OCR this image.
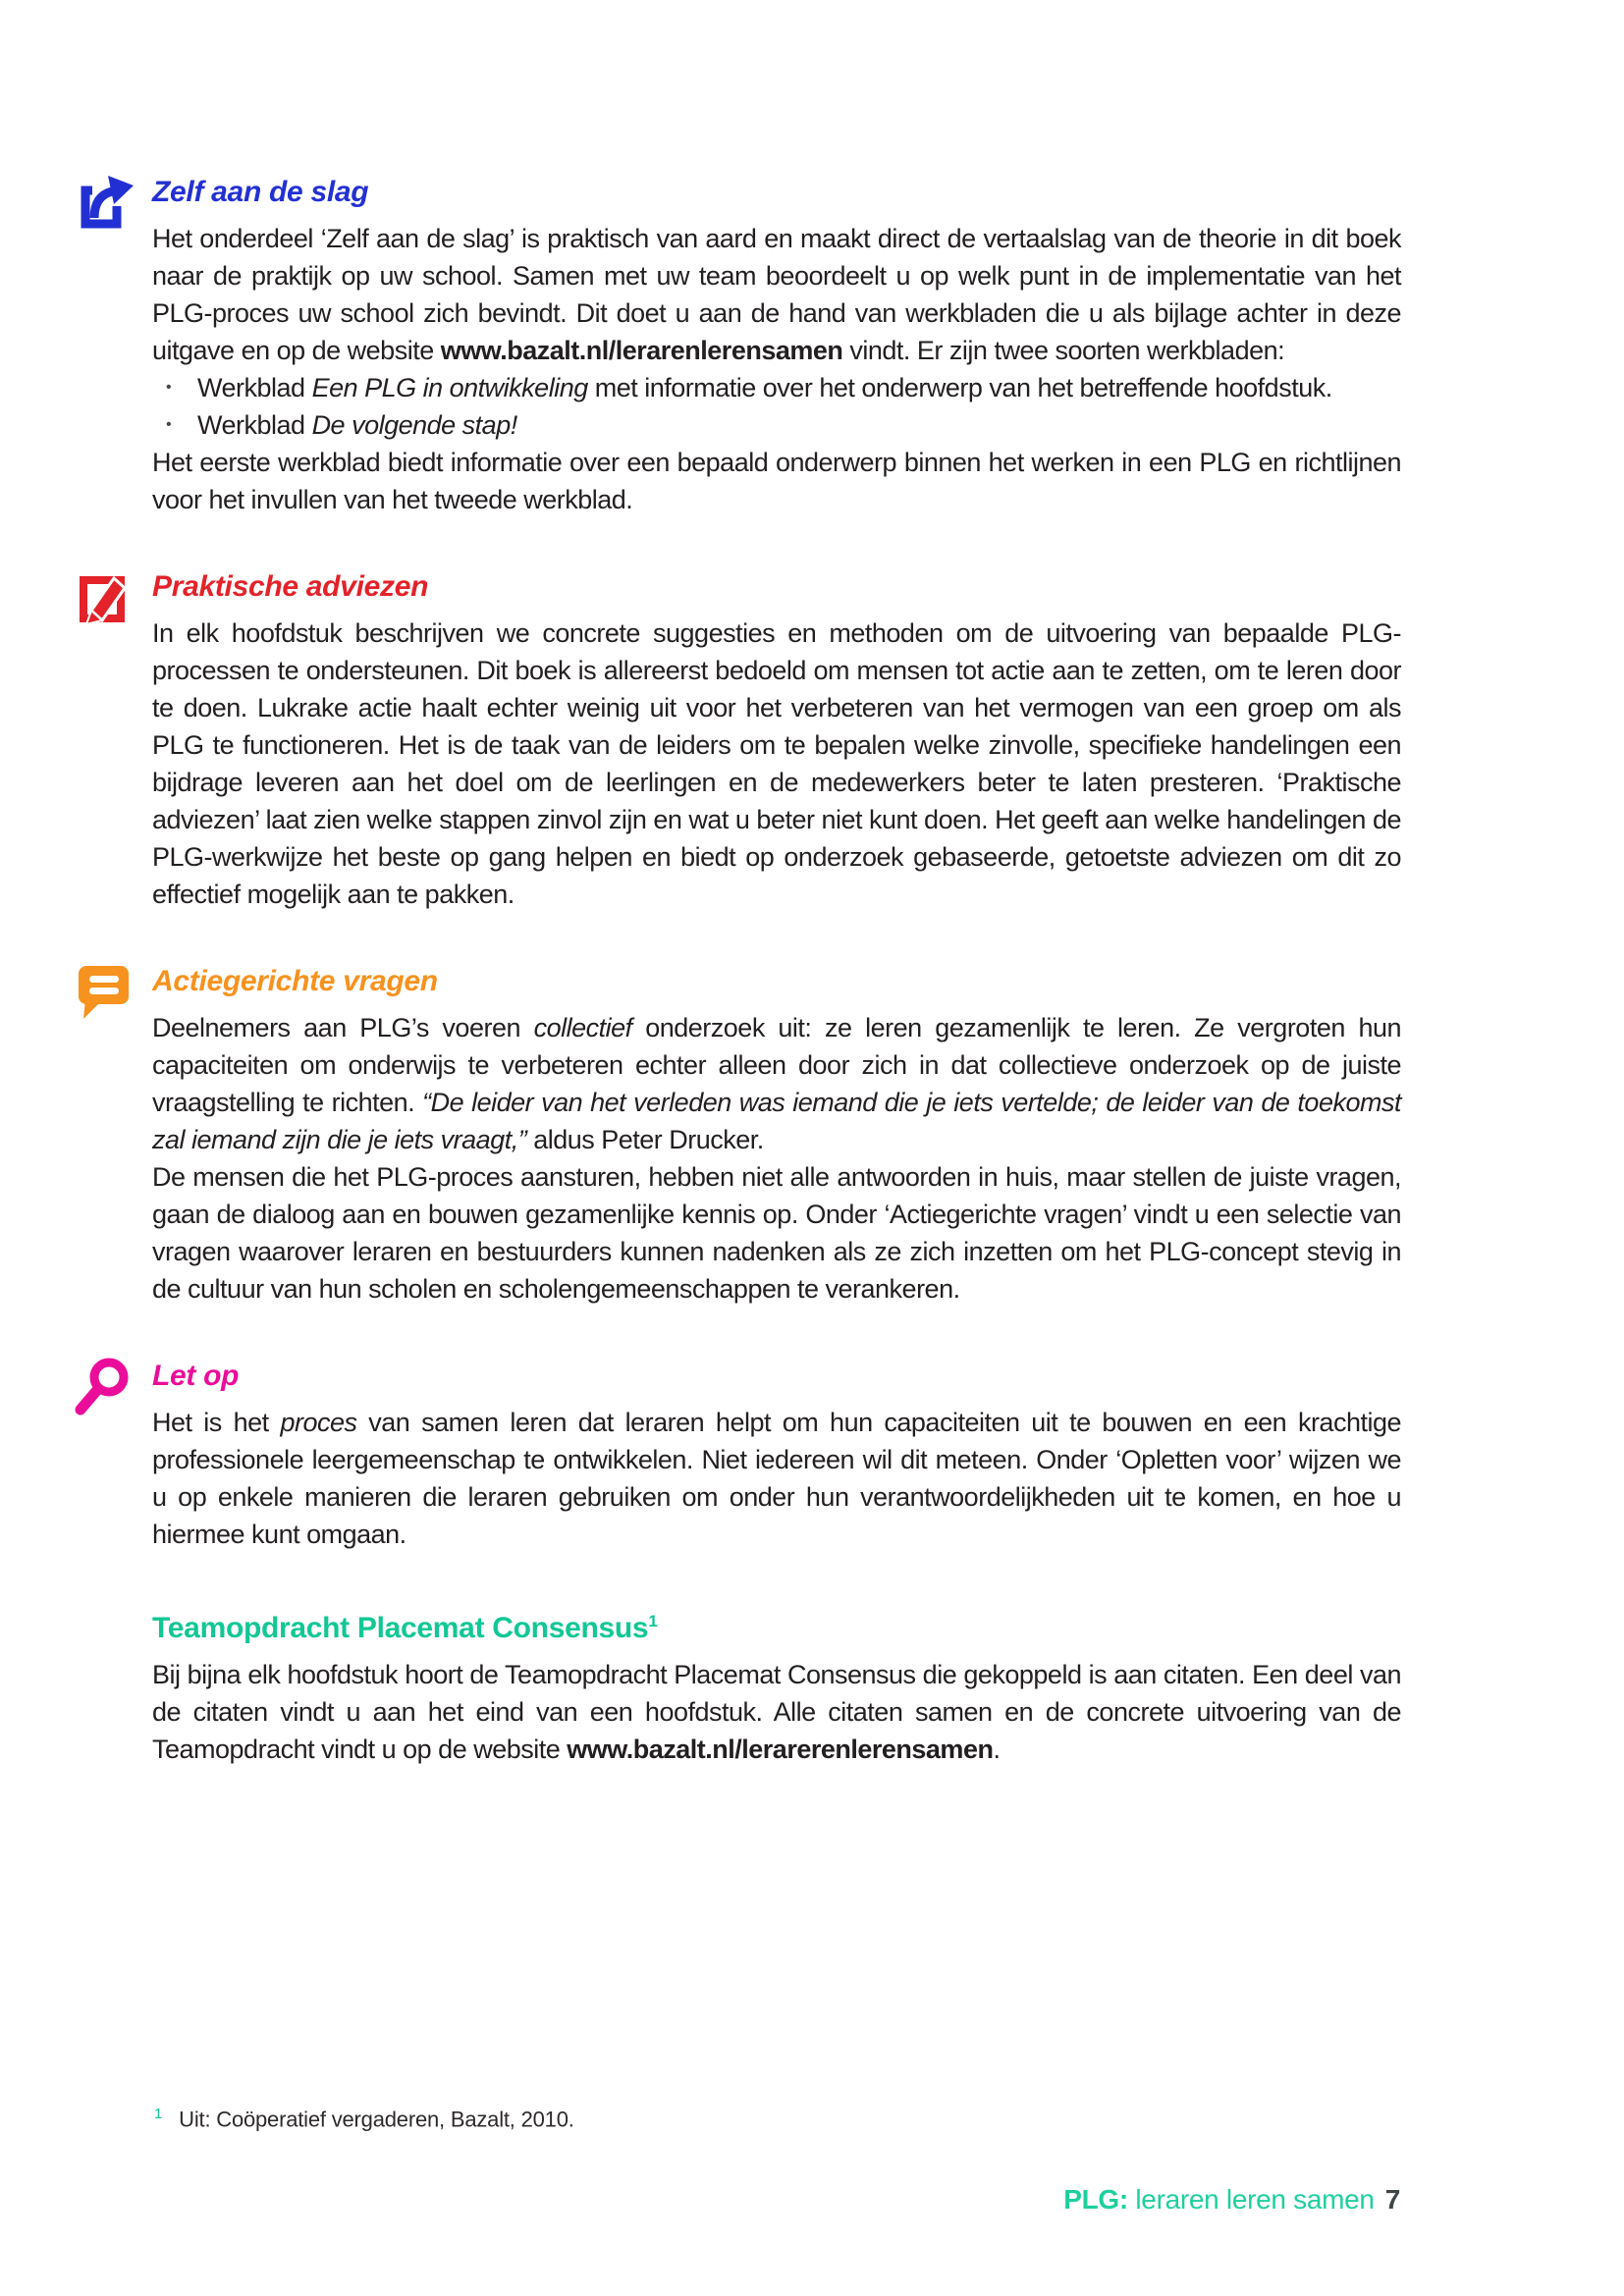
Zelf aan de slag

Het onderdeel ‘Zelf aan de slag’ is praktisch van aard en maakt direct de vertaalslag van de theorie in dit boek naar de praktijk op uw school. Samen met uw team beoordeelt u op welk punt in de implementatie van het PLG-proces uw school zich bevindt. Dit doet u aan de hand van werkbladen die u als bijlage achter in deze uitgave en op de website www.bazalt.nl/lerarenlerensamen vindt. Er zijn twee soorten werkbladen:

• Werkblad Een PLG in ontwikkeling met informatie over het onderwerp van het betreffende hoofdstuk.
• Werkblad De volgende stap!

Het eerste werkblad biedt informatie over een bepaald onderwerp binnen het werken in een PLG en richtlijnen voor het invullen van het tweede werkblad.

Praktische adviezen

In elk hoofdstuk beschrijven we concrete suggesties en methoden om de uitvoering van bepaalde PLG-processen te ondersteunen. Dit boek is allereerst bedoeld om mensen tot actie aan te zetten, om te leren door te doen. Lukrake actie haalt echter weinig uit voor het verbeteren van het vermogen van een groep om als PLG te functioneren. Het is de taak van de leiders om te bepalen welke zinvolle, specifieke handelingen een bijdrage leveren aan het doel om de leerlingen en de medewerkers beter te laten presteren. ‘Praktische adviezen’ laat zien welke stappen zinvol zijn en wat u beter niet kunt doen. Het geeft aan welke handelingen de PLG-werkwijze het beste op gang helpen en biedt op onderzoek gebaseerde, getoetste adviezen om dit zo effectief mogelijk aan te pakken.

Actiegerichte vragen

Deelnemers aan PLG’s voeren collectief onderzoek uit: ze leren gezamenlijk te leren. Ze vergroten hun capaciteiten om onderwijs te verbeteren echter alleen door zich in dat collectieve onderzoek op de juiste vraagstelling te richten. “De leider van het verleden was iemand die je iets vertelde; de leider van de toekomst zal iemand zijn die je iets vraagt,” aldus Peter Drucker.

De mensen die het PLG-proces aansturen, hebben niet alle antwoorden in huis, maar stellen de juiste vragen, gaan de dialoog aan en bouwen gezamenlijke kennis op. Onder ‘Actiegerichte vragen’ vindt u een selectie van vragen waarover leraren en bestuurders kunnen nadenken als ze zich inzetten om het PLG-concept stevig in de cultuur van hun scholen en scholengemeenschappen te verankeren.

Let op

Het is het proces van samen leren dat leraren helpt om hun capaciteiten uit te bouwen en een krachtige professionele leergemeenschap te ontwikkelen. Niet iedereen wil dit meteen. Onder ‘Opletten voor’ wijzen we u op enkele manieren die leraren gebruiken om onder hun verantwoordelijkheden uit te komen, en hoe u hiermee kunt omgaan.

Teamopdracht Placemat Consensus$^1$

Bij bijna elk hoofdstuk hoort de Teamopdracht Placemat Consensus die gekoppeld is aan citaten. Een deel van de citaten vindt u aan het eind van een hoofdstuk. Alle citaten samen en de concrete uitvoering van de Teamopdracht vindt u op de website www.bazalt.nl/lerarerenlerensamen.

$^1$ Uit: Coöperatief vergaderen, Bazalt, 2010.
PLG: leraren leren samen 7
